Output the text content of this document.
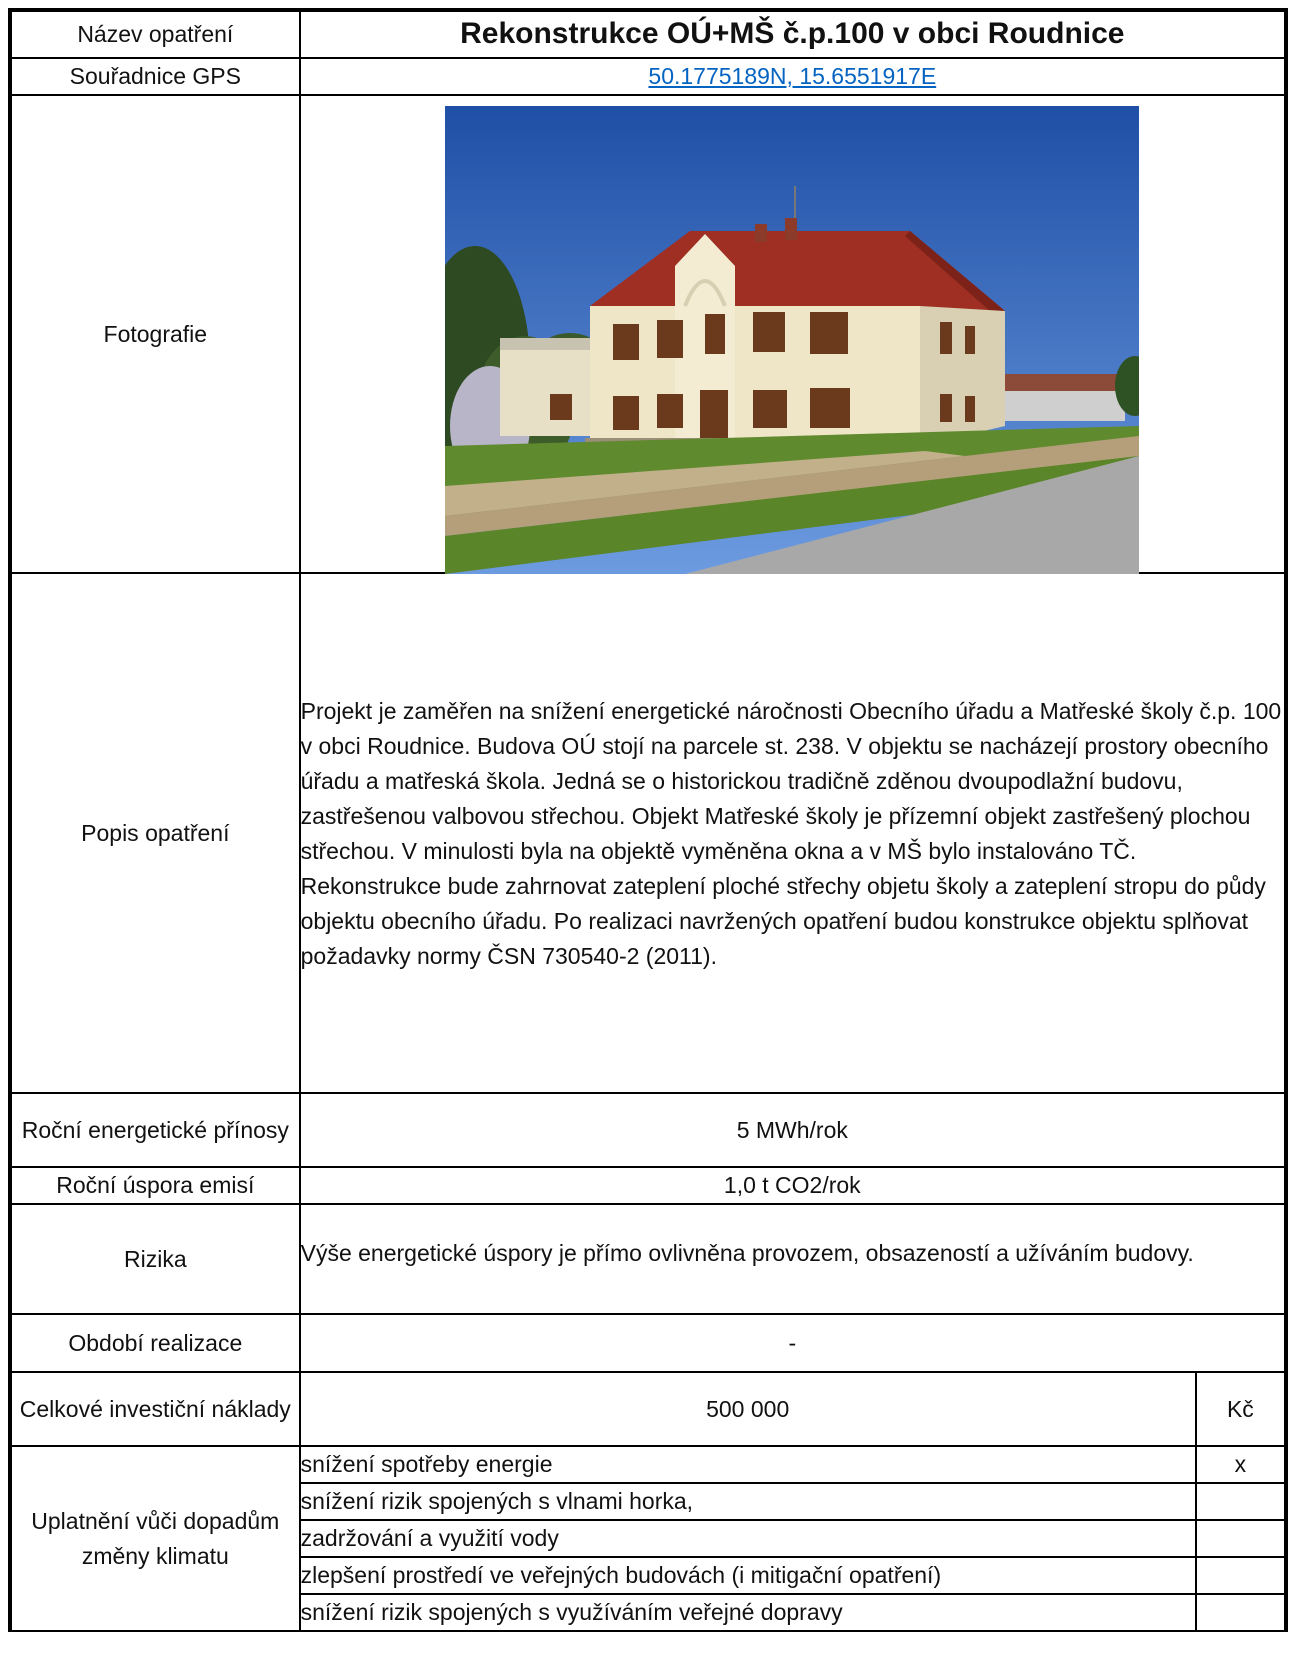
Název opatření	Rekonstrukce OÚ+MŠ č.p.100 v obci Roudnice	
Souřadnice GPS	50.1775189N, 15.6551917E	
Fotografie	

Popis opatření	Projekt je zaměřen na snížení energetické náročnosti Obecního úřadu a Matřeské školy č.p. 100 v obci Roudnice. Budova OÚ stojí na parcele st. 238. V objektu se nacházejí prostory obecního úřadu a matřeská škola. Jedná se o historickou tradičně zděnou dvoupodlažní budovu, zastřešenou valbovou střechou. Objekt Matřeské školy je přízemní objekt zastřešený plochou střechou. V minulosti byla na objektě vyměněna okna a v MŠ bylo instalováno TČ.
Rekonstrukce bude zahrnovat zateplení ploché střechy objetu školy a zateplení stropu do půdy objektu obecního úřadu. Po realizaci navržených opatření budou konstrukce objektu splňovat požadavky normy ČSN 730540-2 (2011).	

Roční energetické přínosy	5 MWh/rok	
Roční úspora emisí	1,0 t CO2/rok	
Rizika	Výše energetické úspory je přímo ovlivněna provozem, obsazeností a užíváním budovy.	
Období realizace	-	
Celkové investiční náklady	500 000	Kč
Uplatnění vůči dopadům změny klimatu	snížení spotřeby energie	x
	snížení rizik spojených s vlnami horka,	
	zadržování a využití vody	
	zlepšení prostředí ve veřejných budovách (i mitigační opatření)	
	snížení rizik spojených s využíváním veřejné dopravy	
